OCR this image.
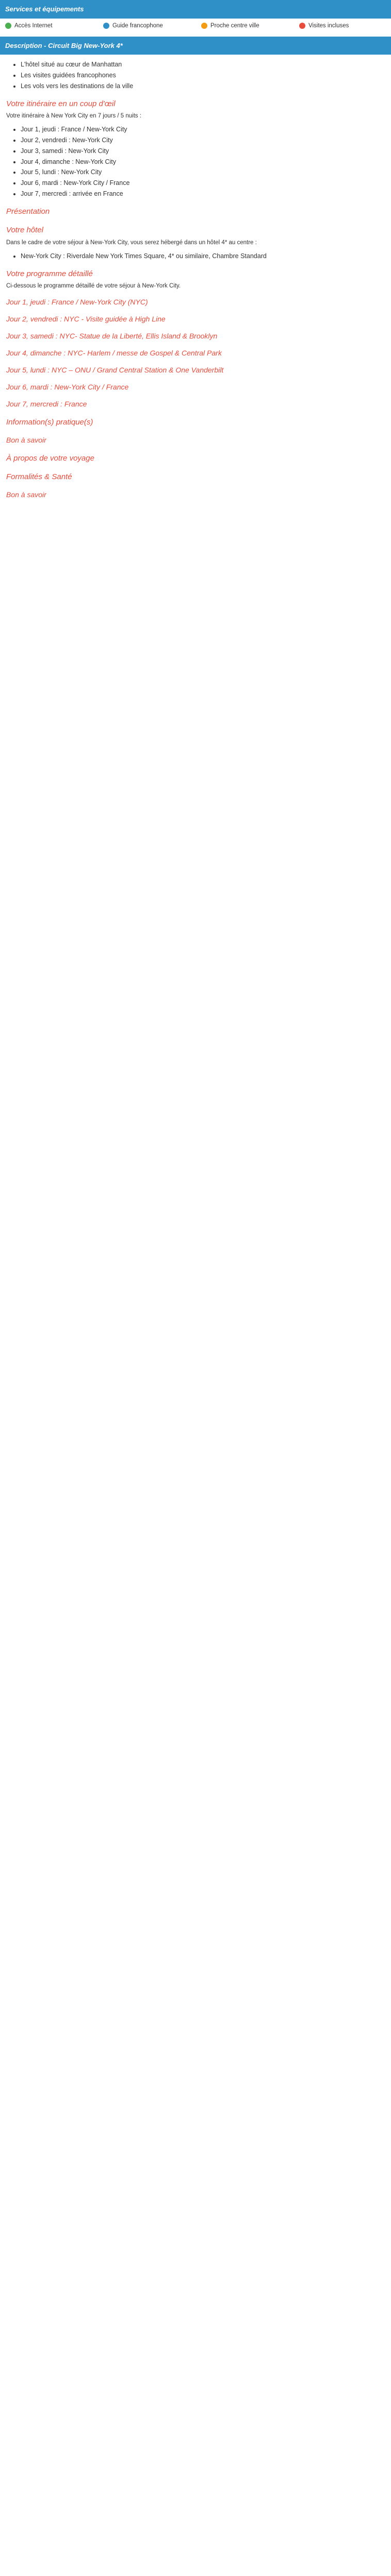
Services et équipements
Accès Internet	Guide francophone	Proche centre ville	Visites incluses
Description - Circuit Big New-York 4*
• L'hôtel situé au cœur de Manhattan
• Les visites guidées francophones
• Les vols vers les destinations de la ville
Votre itinéraire en un coup d'œil

Votre itinéraire à New York City en 7 jours / 5 nuits :

• Jour 1, jeudi : France / New-York City
• Jour 2, vendredi : New-York City
• Jour 3, samedi : New-York City
• Jour 4, dimanche : New-York City
• Jour 5, lundi : New-York City
• Jour 6, mardi : New-York City / France
• Jour 7, mercredi : arrivée en France
Présentation
Votre hôtel

Dans le cadre de votre séjour à New-York City, vous serez hébergé dans un hôtel 4* au centre :

• New-York City : Riverdale New York Times Square, 4* ou similaire, Chambre Standard
Votre programme détaillé

Ci-dessous le programme détaillé de votre séjour à New-York City.

Jour 1, jeudi : France / New-York City (NYC)
Jour 2, vendredi : NYC - Visite guidée à High Line
Jour 3, samedi : NYC- Statue de la Liberté, Ellis Island & Brooklyn
Jour 4, dimanche : NYC- Harlem / messe de Gospel & Central Park
Jour 5, lundi : NYC – ONU / Grand Central Station & One Vanderbilt
Jour 6, mardi : New-York City / France
Jour 7, mercredi : France
Information(s) pratique(s)
Bon à savoir
À propos de votre voyage
Formalités & Santé
Bon à savoir
